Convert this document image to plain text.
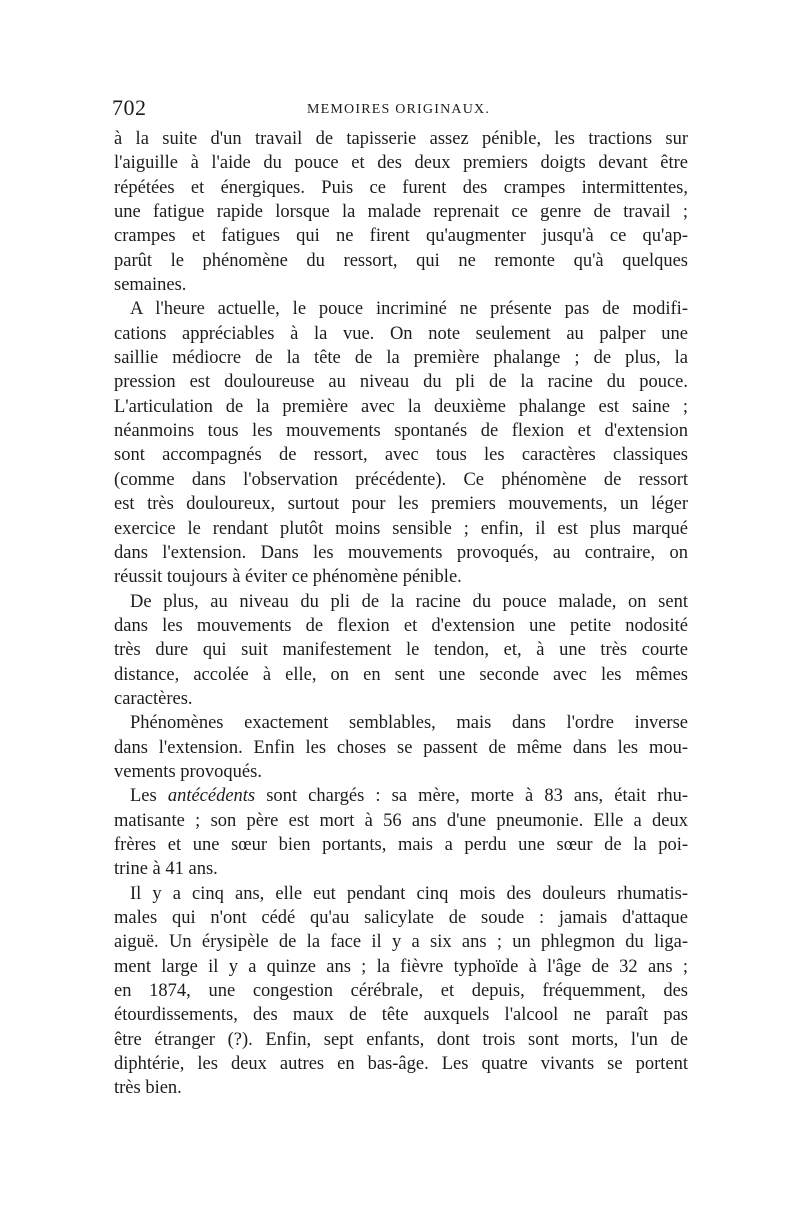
702	MEMOIRES ORIGINAUX.
à la suite d'un travail de tapisserie assez pénible, les tractions sur
l'aiguille à l'aide du pouce et des deux premiers doigts devant être
répétées et énergiques. Puis ce furent des crampes intermittentes,
une fatigue rapide lorsque la malade reprenait ce genre de travail ;
crampes et fatigues qui ne firent qu'augmenter jusqu'à ce qu'ap-
parût le phénomène du ressort, qui ne remonte qu'à quelques
semaines.
A l'heure actuelle, le pouce incriminé ne présente pas de modifi-
cations appréciables à la vue. On note seulement au palper une
saillie médiocre de la tête de la première phalange ; de plus, la
pression est douloureuse au niveau du pli de la racine du pouce.
L'articulation de la première avec la deuxième phalange est saine ;
néanmoins tous les mouvements spontanés de flexion et d'extension
sont accompagnés de ressort, avec tous les caractères classiques
(comme dans l'observation précédente). Ce phénomène de ressort
est très douloureux, surtout pour les premiers mouvements, un léger
exercice le rendant plutôt moins sensible ; enfin, il est plus marqué
dans l'extension. Dans les mouvements provoqués, au contraire, on
réussit toujours à éviter ce phénomène pénible.
De plus, au niveau du pli de la racine du pouce malade, on sent
dans les mouvements de flexion et d'extension une petite nodosité
très dure qui suit manifestement le tendon, et, à une très courte
distance, accolée à elle, on en sent une seconde avec les mêmes
caractères.
Phénomènes exactement semblables, mais dans l'ordre inverse
dans l'extension. Enfin les choses se passent de même dans les mou-
vements provoqués.
Les antécédents sont chargés : sa mère, morte à 83 ans, était rhu-
matisante ; son père est mort à 56 ans d'une pneumonie. Elle a deux
frères et une sœur bien portants, mais a perdu une sœur de la poi-
trine à 41 ans.
Il y a cinq ans, elle eut pendant cinq mois des douleurs rhumatis-
males qui n'ont cédé qu'au salicylate de soude : jamais d'attaque
aiguë. Un érysipèle de la face il y a six ans ; un phlegmon du liga-
ment large il y a quinze ans ; la fièvre typhoïde à l'âge de 32 ans ;
en 1874, une congestion cérébrale, et depuis, fréquemment, des
étourdissements, des maux de tête auxquels l'alcool ne paraît pas
être étranger (?). Enfin, sept enfants, dont trois sont morts, l'un de
diphtérie, les deux autres en bas-âge. Les quatre vivants se portent
très bien.
